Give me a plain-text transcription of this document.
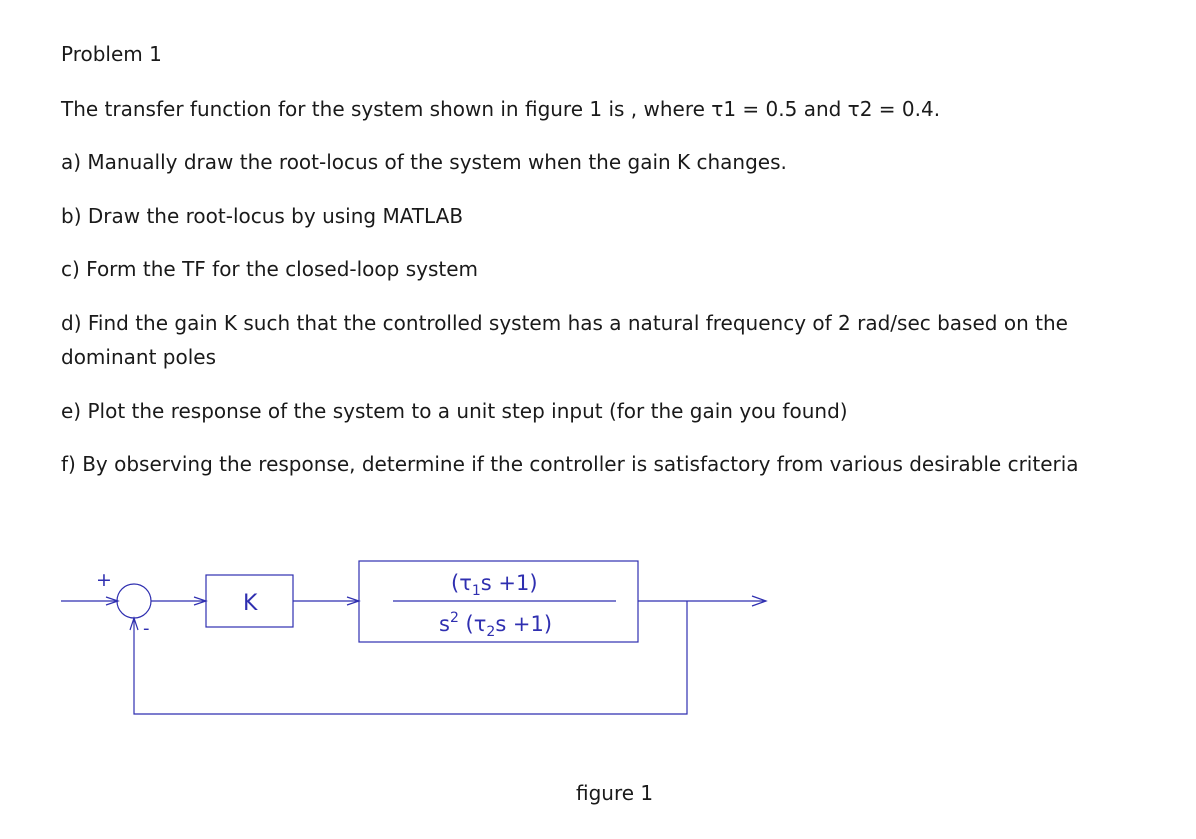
Problem 1
The transfer function for the system shown in figure 1 is , where τ1 = 0.5 and τ2 = 0.4.
a) Manually draw the root-locus of the system when the gain K changes.
b) Draw the root-locus by using MATLAB
c) Form the TF for the closed-loop system
d) Find the gain K such that the controlled system has a natural frequency of 2 rad/sec based on the dominant poles
e) Plot the response of the system to a unit step input (for the gain you found)
f) By observing the response, determine if the controller is satisfactory from various desirable criteria
+
-
K
$(\tau_1s +1)$
$s^2$ $(\tau_2s +1)$
figure 1
